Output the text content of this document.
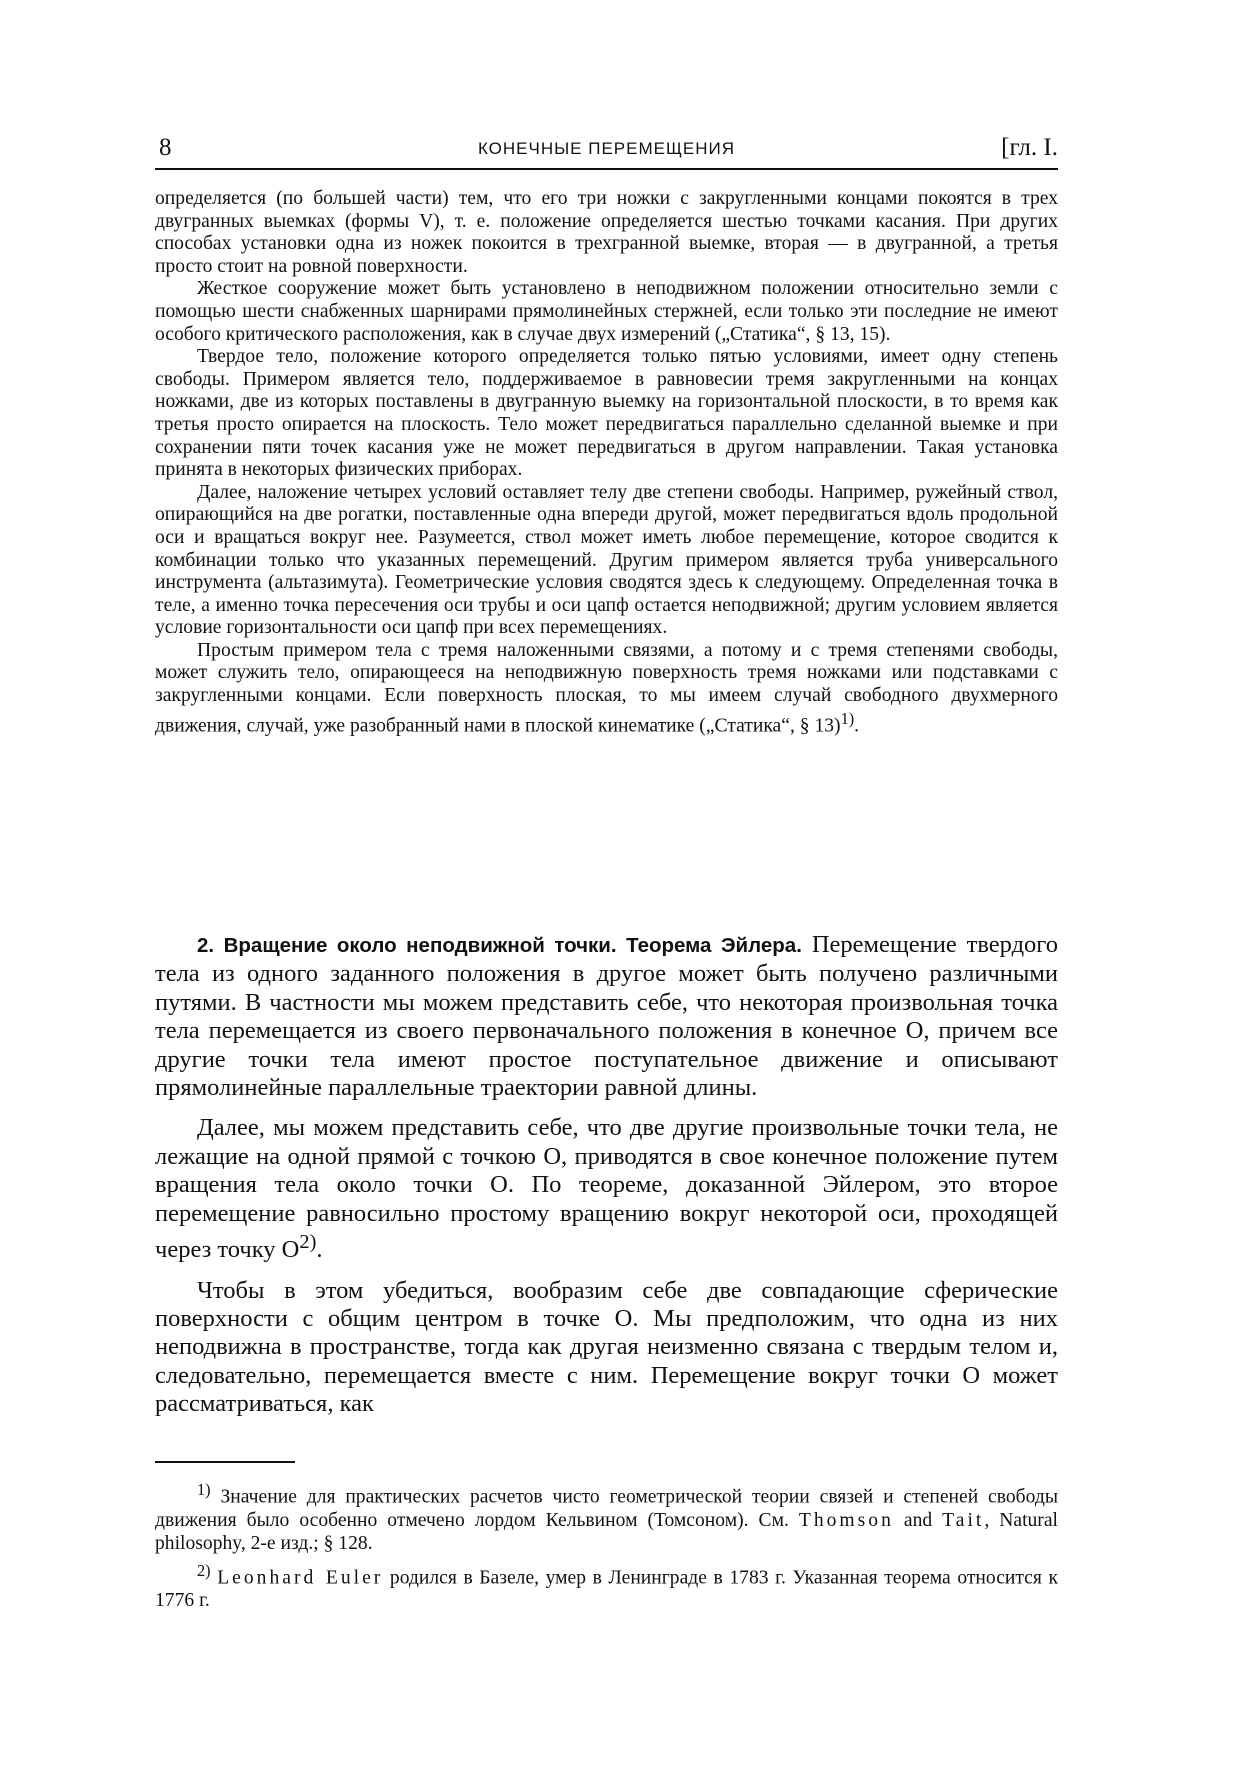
8	КОНЕЧНЫЕ ПЕРЕМЕЩЕНИЯ	[гл. I.

определяется (по большей части) тем, что его три ножки с закругленными концами покоятся в трех двугранных выемках (формы V), т. е. положение определяется шестью точками касания. При других способах установки одна из ножек покоится в трехгранной выемке, вторая — в двугранной, а третья просто стоит на ровной поверхности.

Жесткое сооружение может быть установлено в неподвижном положении относительно земли с помощью шести снабженных шарнирами прямолинейных стержней, если только эти последние не имеют особого критического расположения, как в случае двух измерений („Статика“, § 13, 15).

Твердое тело, положение которого определяется только пятью условиями, имеет одну степень свободы. Примером является тело, поддерживаемое в равновесии тремя закругленными на концах ножками, две из которых поставлены в двугранную выемку на горизонтальной плоскости, в то время как третья просто опирается на плоскость. Тело может передвигаться параллельно сделанной выемке и при сохранении пяти точек касания уже не может передвигаться в другом направлении. Такая установка принята в некоторых физических приборах.

Далее, наложение четырех условий оставляет телу две степени свободы. Например, ружейный ствол, опирающийся на две рогатки, поставленные одна впереди другой, может передвигаться вдоль продольной оси и вращаться вокруг нее. Разумеется, ствол может иметь любое перемещение, которое сводится к комбинации только что указанных перемещений. Другим примером является труба универсального инструмента (альтазимута). Геометрические условия сводятся здесь к следующему. Определенная точка в теле, а именно точка пересечения оси трубы и оси цапф остается неподвижной; другим условием является условие горизонтальности оси цапф при всех перемещениях.

Простым примером тела с тремя наложенными связями, а потому и с тремя степенями свободы, может служить тело, опирающееся на неподвижную поверхность тремя ножками или подставками с закругленными концами. Если поверхность плоская, то мы имеем случай свободного двухмерного движения, случай, уже разобранный нами в плоской кинематике („Статика“, § 13)$^{1)}$.

2. Вращение около неподвижной точки. Теорема Эйлера. Перемещение твердого тела из одного заданного положения в другое может быть получено различными путями. В частности мы можем представить себе, что некоторая произвольная точка тела перемещается из своего первоначального положения в конечное O, причем все другие точки тела имеют простое поступательное движение и описывают прямолинейные параллельные траектории равной длины.

Далее, мы можем представить себе, что две другие произвольные точки тела, не лежащие на одной прямой с точкою O, приводятся в свое конечное положение путем вращения тела около точки O. По теореме, доказанной Эйлером, это второе перемещение равносильно простому вращению вокруг некоторой оси, проходящей через точку $O^{2)}$.

Чтобы в этом убедиться, вообразим себе две совпадающие сферические поверхности с общим центром в точке O. Мы предположим, что одна из них неподвижна в пространстве, тогда как другая неизменно связана с твердым телом и, следовательно, перемещается вместе с ним. Перемещение вокруг точки O может рассматриваться, как

$^{1)}$ Значение для практических расчетов чисто геометрической теории связей и степеней свободы движения было особенно отмечено лордом Кельвином (Томсоном). См. Thomson and Tait, Natural philosophy, 2-е изд.; § 128.

$^{2)}$ Leonhard Euler родился в Базеле, умер в Ленинграде в 1783 г. Указанная теорема относится к 1776 г.
